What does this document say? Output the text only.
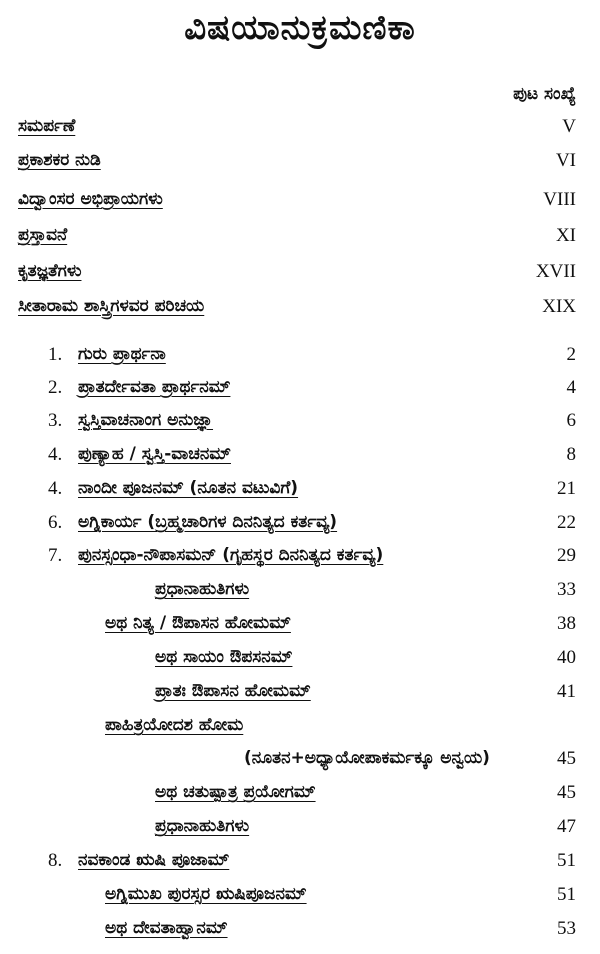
ವಿಷಯಾನುಕ್ರಮಣಿಕಾ
ಪುಟ ಸಂಖ್ಯೆ
ಸಮರ್ಪಣೆ	V
ಪ್ರಕಾಶಕರ ನುಡಿ	VI
ವಿದ್ವಾಂಸರ ಅಭಿಪ್ರಾಯಗಳು	VIII
ಪ್ರಸ್ತಾವನೆ	XI
ಕೃತಜ್ಞತೆಗಳು	XVII
ಸೀತಾರಾಮ ಶಾಸ್ತ್ರಿಗಳವರ ಪರಿಚಯ	XIX
1. ಗುರು ಪ್ರಾರ್ಥನಾ	2
2. ಪ್ರಾತರ್ದೇವತಾ ಪ್ರಾರ್ಥನಮ್	4
3. ಸ್ವಸ್ತಿವಾಚನಾಂಗ ಅನುಜ್ಞಾ	6
4. ಪುಣ್ಯಾಹ / ಸ್ವಸ್ತಿ-ವಾಚನಮ್	8
4. ನಾಂದೀ ಪೂಜನಮ್ (ನೂತನ ವಟುವಿಗೆ)	21
6. ಅಗ್ನಿಕಾರ್ಯ (ಬ್ರಹ್ಮಚಾರಿಗಳ ದಿನನಿತ್ಯದ ಕರ್ತವ್ಯ)	22
7. ಪುನಸ್ಸಂಧಾ-ನೌಪಾಸಮನ್ (ಗೃಹಸ್ಥರ ದಿನನಿತ್ಯದ ಕರ್ತವ್ಯ)	29
ಪ್ರಧಾನಾಹುತಿಗಳು	33
ಅಥ ನಿತ್ಯ / ಔಪಾಸನ ಹೋಮಮ್	38
ಅಥ ಸಾಯಂ ಔಪಸನಮ್	40
ಪ್ರಾತಃ ಔಪಾಸನ ಹೋಮಮ್	41
ಪಾಹಿತ್ರಯೋದಶ ಹೋಮ
(ನೂತನ+ಅಧ್ಯಾಯೋಪಾಕರ್ಮಕ್ಕೂ ಅನ್ವಯ)	45
ಅಥ ಚತುಷ್ಪಾತ್ರ ಪ್ರಯೋಗಮ್	45
ಪ್ರಧಾನಾಹುತಿಗಳು	47
8. ನವಕಾಂಡ ಋಷಿ ಪೂಜಾಮ್	51
ಅಗ್ನಿಮುಖ ಪುರಸ್ಸರ ಋಷಿಪೂಜನಮ್	51
ಅಥ ದೇವತಾಹ್ವಾನಮ್	53
